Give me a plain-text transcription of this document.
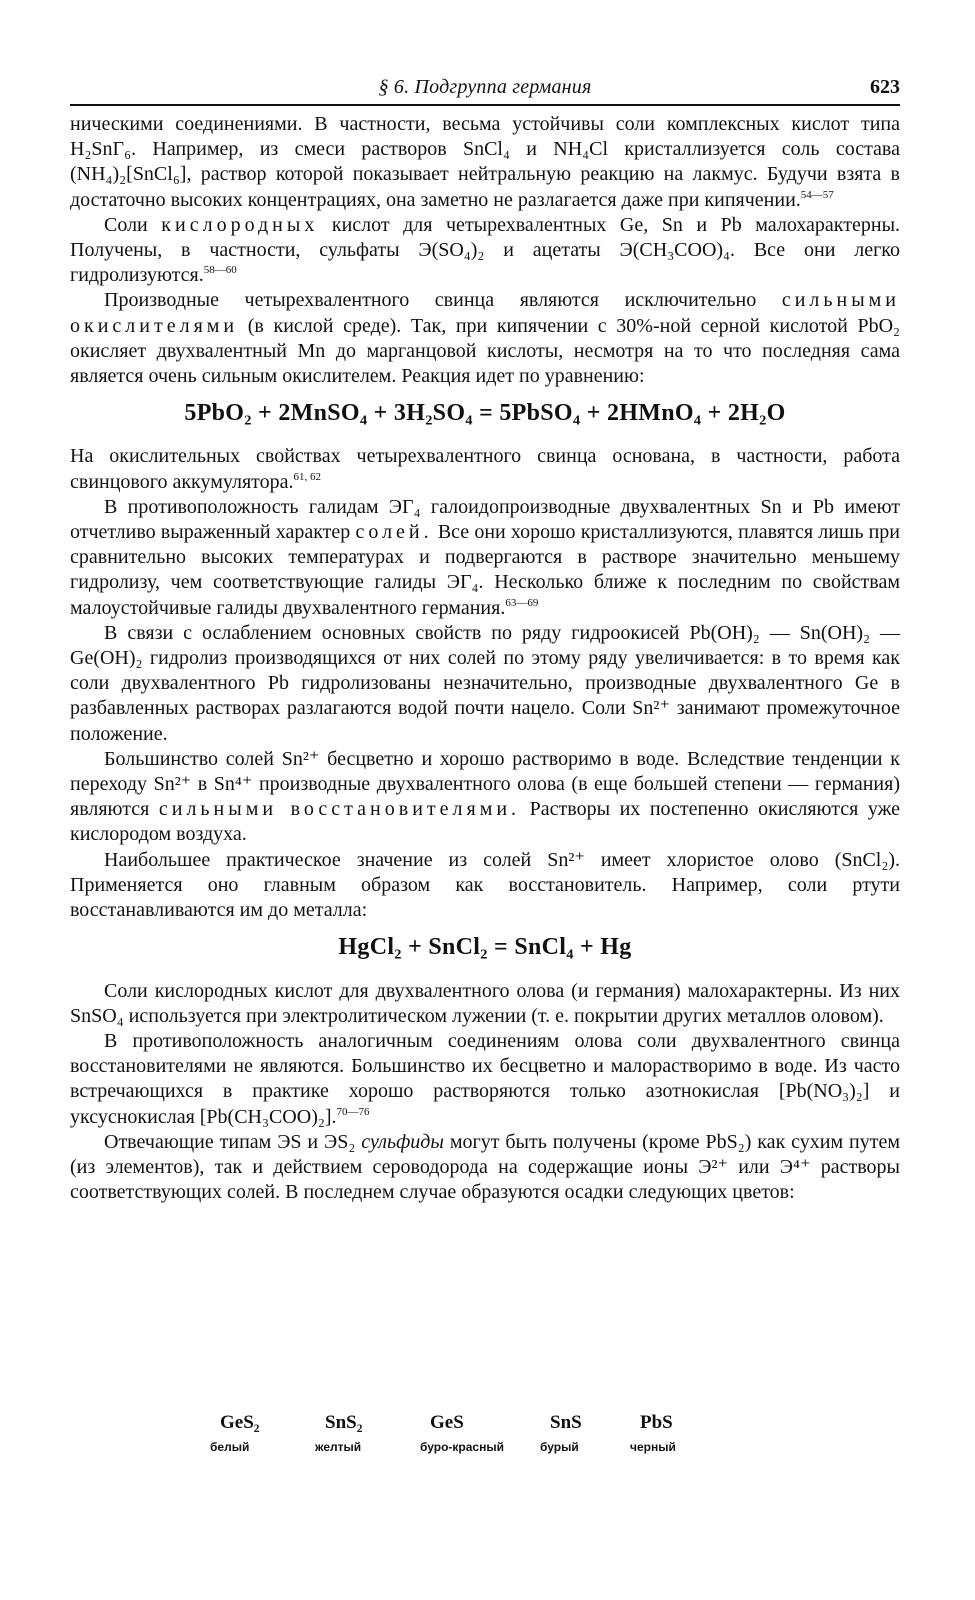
§ 6. Подгруппа германия	623

ническими соединениями. В частности, весьма устойчивы соли комплексных кислот типа H₂SnГ₆. Например, из смеси растворов SnCl₄ и NH₄Cl кристаллизуется соль состава (NH₄)₂[SnCl₆], раствор которой показывает нейтральную реакцию на лакмус. Будучи взята в достаточно высоких концентрациях, она заметно не разлагается даже при кипячении.$^{54—57}$

Соли кислородных кислот для четырехвалентных Ge, Sn и Pb малохарактерны. Получены, в частности, сульфаты Э(SO₄)₂ и ацетаты Э(CH₃COO)₄. Все они легко гидролизуются.$^{58—60}$

Производные четырехвалентного свинца являются исключительно сильными окислителями (в кислой среде). Так, при кипячении с 30%-ной серной кислотой PbO₂ окисляет двухвалентный Mn до марганцовой кислоты, несмотря на то что последняя сама является очень сильным окислителем. Реакция идет по уравнению:

5PbO₂ + 2MnSO₄ + 3H₂SO₄ = 5PbSO₄ + 2HMnO₄ + 2H₂O

На окислительных свойствах четырехвалентного свинца основана, в частности, работа свинцового аккумулятора.$^{61, 62}$

В противоположность галидам ЭГ₄ галоидопроизводные двухвалентных Sn и Pb имеют отчетливо выраженный характер солей. Все они хорошо кристаллизуются, плавятся лишь при сравнительно высоких температурах и подвергаются в растворе значительно меньшему гидролизу, чем соответствующие галиды ЭГ₄. Несколько ближе к последним по свойствам малоустойчивые галиды двухвалентного германия.$^{63—69}$

В связи с ослаблением основных свойств по ряду гидроокисей Pb(OH)₂ — Sn(OH)₂ — Ge(OH)₂ гидролиз производящихся от них солей по этому ряду увеличивается: в то время как соли двухвалентного Pb гидролизованы незначительно, производные двухвалентного Ge в разбавленных растворах разлагаются водой почти нацело. Соли Sn²⁺ занимают промежуточное положение.

Большинство солей Sn²⁺ бесцветно и хорошо растворимо в воде. Вследствие тенденции к переходу Sn²⁺ в Sn⁴⁺ производные двухвалентного олова (в еще большей степени — германия) являются сильными восстановителями. Растворы их постепенно окисляются уже кислородом воздуха.

Наибольшее практическое значение из солей Sn²⁺ имеет хлористое олово (SnCl₂). Применяется оно главным образом как восстановитель. Например, соли ртути восстанавливаются им до металла:

HgCl₂ + SnCl₂ = SnCl₄ + Hg

Соли кислородных кислот для двухвалентного олова (и германия) малохарактерны. Из них SnSO₄ используется при электролитическом лужении (т. е. покрытии других металлов оловом).

В противоположность аналогичным соединениям олова соли двухвалентного свинца восстановителями не являются. Большинство их бесцветно и малорастворимо в воде. Из часто встречающихся в практике хорошо растворяются только азотнокислая [Pb(NO₃)₂] и уксуснокислая [Pb(CH₃COO)₂].$^{70—76}$

Отвечающие типам ЭS и ЭS₂ сульфиды могут быть получены (кроме PbS₂) как сухим путем (из элементов), так и действием сероводорода на содержащие ионы Э²⁺ или Э⁴⁺ растворы соответствующих солей. В последнем случае образуются осадки следующих цветов:

GeS₂
белый
SnS₂
желтый
GeS
буро-красный
SnS
бурый
PbS
черный
